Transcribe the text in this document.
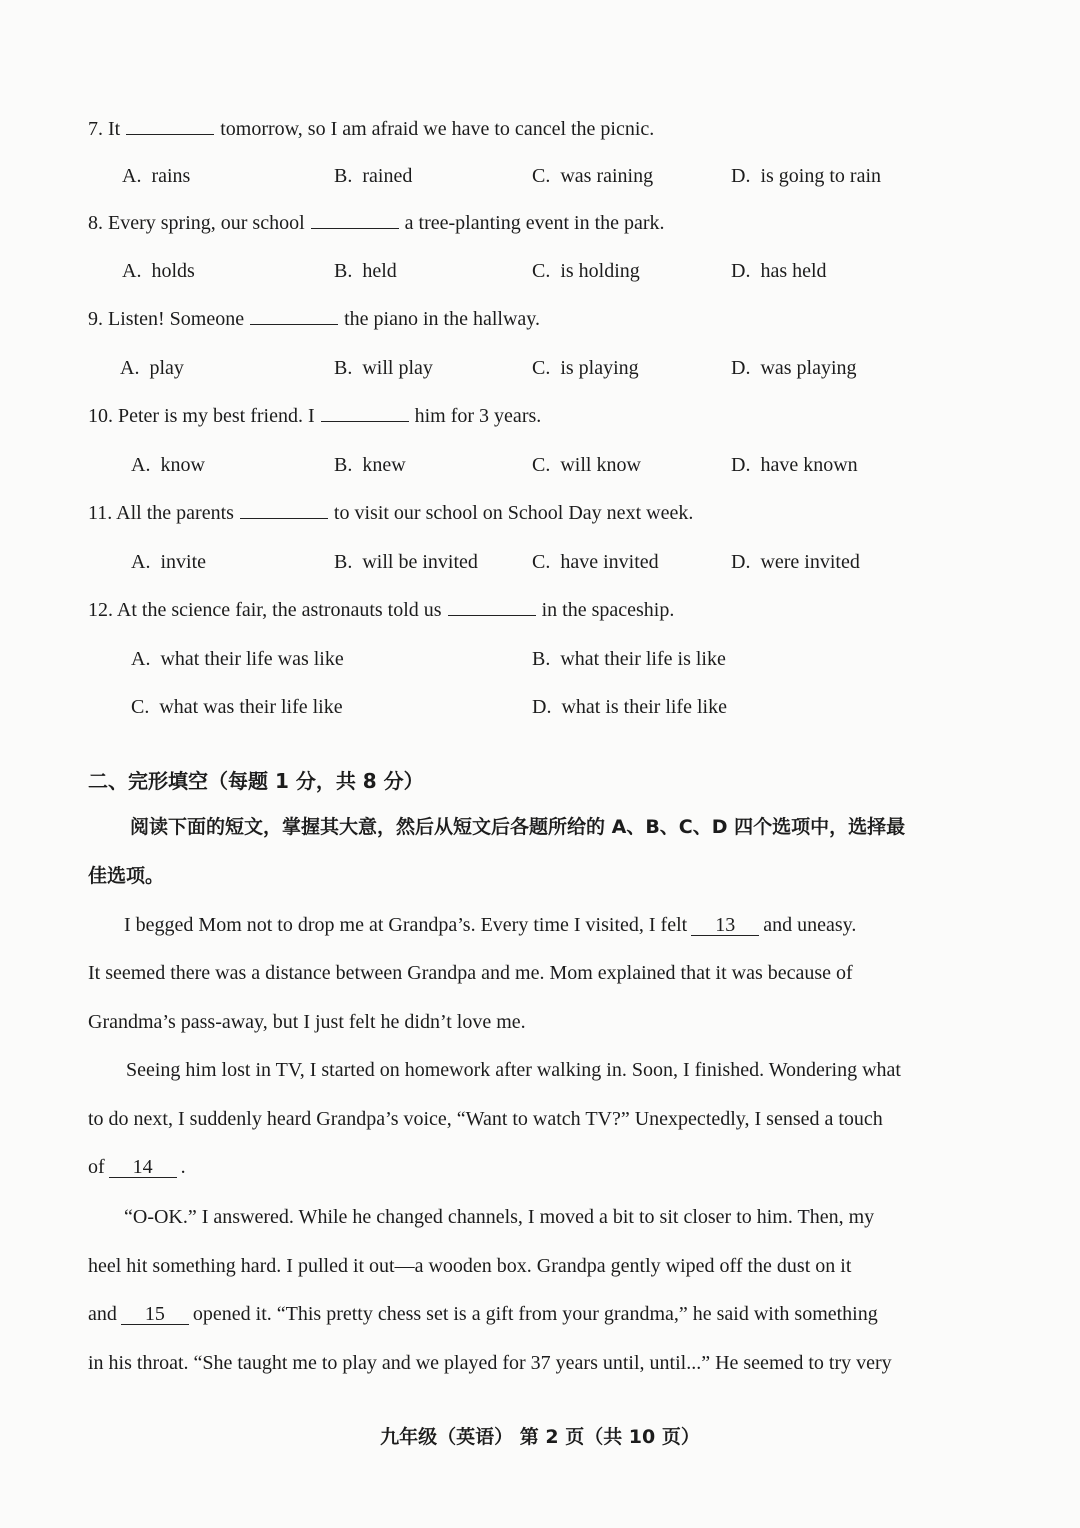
7. It	tomorrow, so I am afraid we have to cancel the picnic.
A. rains	B. rained	C. was raining	D. is going to rain
8. Every spring, our school	a tree-planting event in the park.
A. holds	B. held	C. is holding	D. has held
9. Listen! Someone	the piano in the hallway.
A. play	B. will play	C. is playing	D. was playing
10. Peter is my best friend. I	him for 3 years.
A. know	B. knew	C. will know	D. have known
11. All the parents	to visit our school on School Day next week.
A. invite	B. will be invited	C. have invited	D. were invited
12. At the science fair, the astronauts told us	in the spaceship.
A. what their life was like	B. what their life is like
C. what was their life like	D. what is their life like
二、完形填空（每题 1 分，共 8 分）
阅读下面的短文，掌握其大意，然后从短文后各题所给的 A、B、C、D 四个选项中，选择最
佳选项。
I begged Mom not to drop me at Grandpa’s. Every time I visited, I felt 13 and uneasy.
It seemed there was a distance between Grandpa and me. Mom explained that it was because of
Grandma’s pass-away, but I just felt he didn’t love me.
Seeing him lost in TV, I started on homework after walking in. Soon, I finished. Wondering what
to do next, I suddenly heard Grandpa’s voice, “Want to watch TV?” Unexpectedly, I sensed a touch
of 14 .
“O-OK.” I answered. While he changed channels, I moved a bit to sit closer to him. Then, my
heel hit something hard. I pulled it out—a wooden box. Grandpa gently wiped off the dust on it
and 15 opened it. “This pretty chess set is a gift from your grandma,” he said with something
in his throat. “She taught me to play and we played for 37 years until, until...” He seemed to try very
九年级（英语） 第 2 页（共 10 页）
